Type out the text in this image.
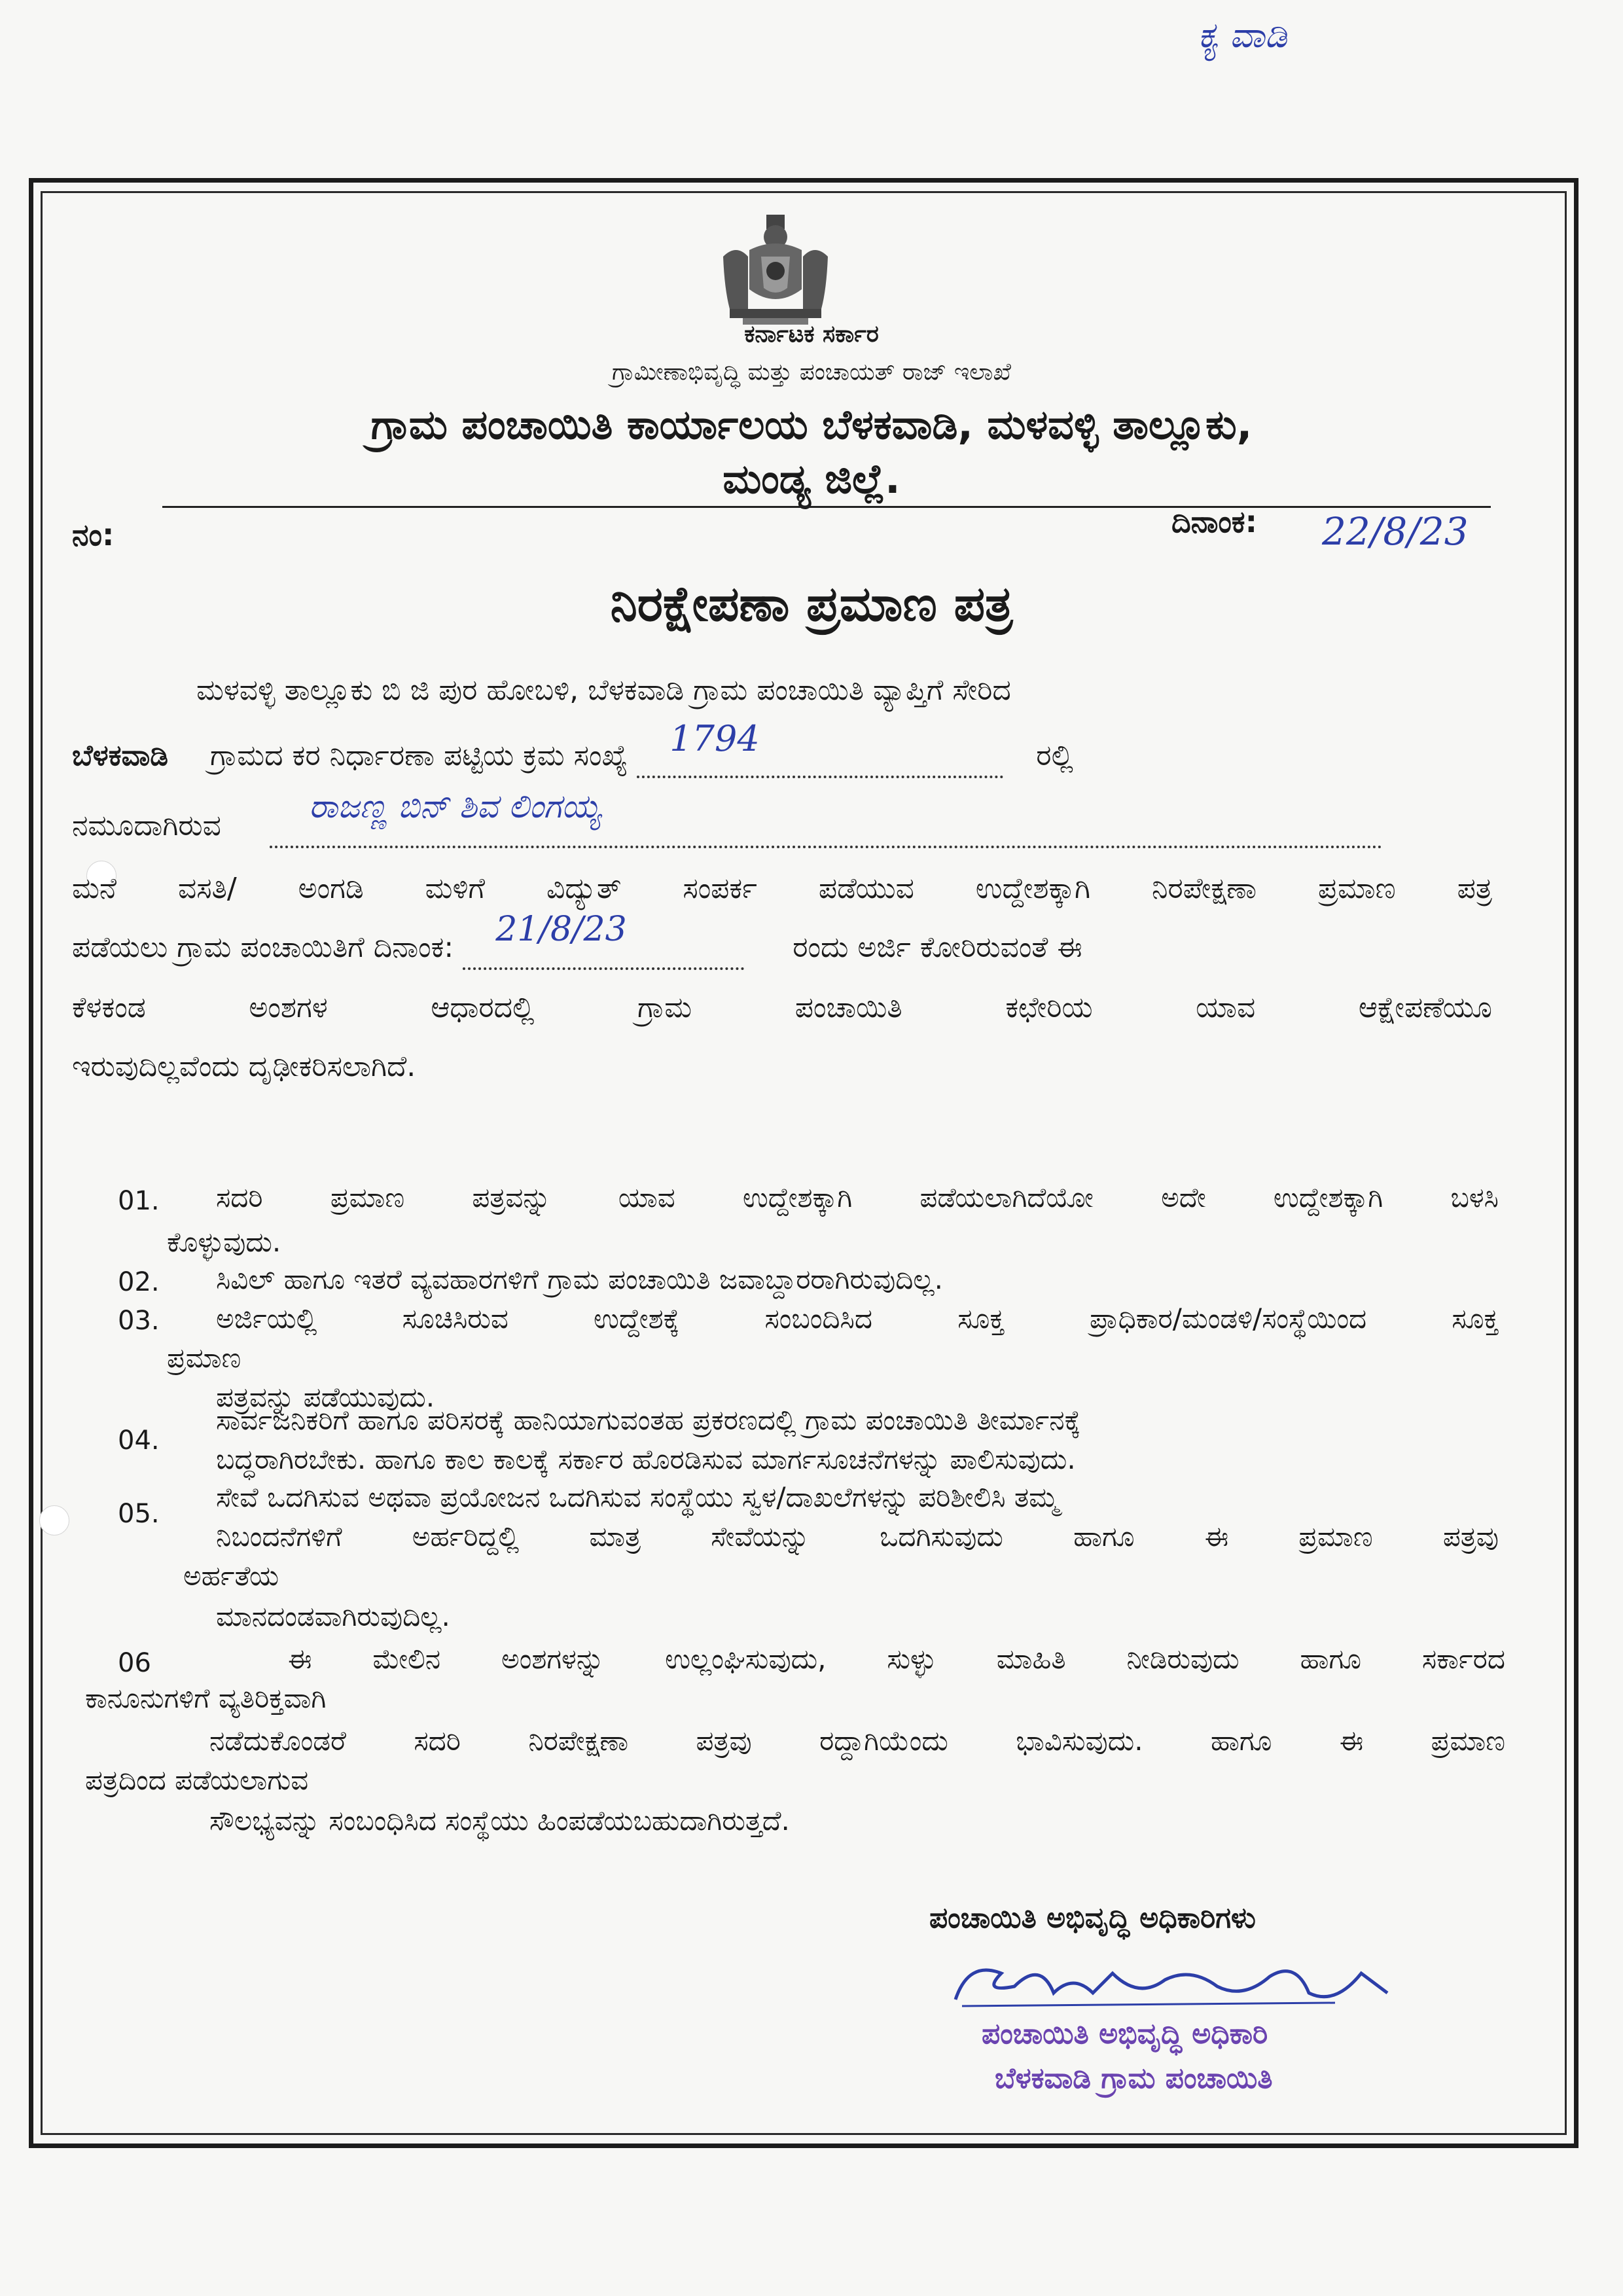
ಕ್ಯ ವಾಡಿ
ಕರ್ನಾಟಕ ಸರ್ಕಾರ
ಗ್ರಾಮೀಣಾಭಿವೃದ್ಧಿ ಮತ್ತು ಪಂಚಾಯತ್ ರಾಜ್ ಇಲಾಖೆ
ಗ್ರಾಮ ಪಂಚಾಯಿತಿ ಕಾರ್ಯಾಲಯ ಬೆಳಕವಾಡಿ, ಮಳವಳ್ಳಿ ತಾಲ್ಲೂಕು,
ಮಂಡ್ಯ ಜಿಲ್ಲೆ.
ನಂ:	ದಿನಾಂಕ: 22/8/23
ನಿರಕ್ಷೇಪಣಾ ಪ್ರಮಾಣ ಪತ್ರ
ಮಳವಳ್ಳಿ ತಾಲ್ಲೂಕು ಬಿ ಜಿ ಪುರ ಹೋಬಳಿ, ಬೆಳಕವಾಡಿ ಗ್ರಾಮ ಪಂಚಾಯಿತಿ ವ್ಯಾಪ್ತಿಗೆ ಸೇರಿದ
ಬೆಳಕವಾಡಿ ಗ್ರಾಮದ ಕರ ನಿರ್ಧಾರಣಾ ಪಟ್ಟಿಯ ಕ್ರಮ ಸಂಖ್ಯೆ 1794	ರಲ್ಲಿ
ನಮೂದಾಗಿರುವ
ರಾಜಣ್ಣ ಬಿನ್ ಶಿವ ಲಿಂಗಯ್ಯ

ಮನೆ ವಸತಿ/ ಅಂಗಡಿ ಮಳಿಗೆ ವಿದ್ಯುತ್ ಸಂಪರ್ಕ ಪಡೆಯುವ ಉದ್ದೇಶಕ್ಕಾಗಿ ನಿರಪೇಕ್ಷಣಾ ಪ್ರಮಾಣ ಪತ್ರ
ಪಡೆಯಲು ಗ್ರಾಮ ಪಂಚಾಯಿತಿಗೆ ದಿನಾಂಕ: 21/8/23	ರಂದು ಅರ್ಜಿ ಕೋರಿರುವಂತೆ ಈ
ಕೆಳಕಂಡ ಅಂಶಗಳ ಆಧಾರದಲ್ಲಿ ಗ್ರಾಮ ಪಂಚಾಯಿತಿ ಕಛೇರಿಯ ಯಾವ ಆಕ್ಷೇಪಣೆಯೂ
ಇರುವುದಿಲ್ಲವೆಂದು ದೃಢೀಕರಿಸಲಾಗಿದೆ.
01. ಸದರಿ ಪ್ರಮಾಣ ಪತ್ರವನ್ನು ಯಾವ ಉದ್ದೇಶಕ್ಕಾಗಿ ಪಡೆಯಲಾಗಿದೆಯೋ ಅದೇ ಉದ್ದೇಶಕ್ಕಾಗಿ ಬಳಸಿ
ಕೊಳ್ಳುವುದು.
02. ಸಿವಿಲ್ ಹಾಗೂ ಇತರೆ ವ್ಯವಹಾರಗಳಿಗೆ ಗ್ರಾಮ ಪಂಚಾಯಿತಿ ಜವಾಬ್ದಾರರಾಗಿರುವುದಿಲ್ಲ.
03. ಅರ್ಜಿಯಲ್ಲಿ ಸೂಚಿಸಿರುವ ಉದ್ದೇಶಕ್ಕೆ ಸಂಬಂದಿಸಿದ ಸೂಕ್ತ ಪ್ರಾಧಿಕಾರ/ಮಂಡಳಿ/ಸಂಸ್ಥೆಯಿಂದ ಸೂಕ್ತ
ಪ್ರಮಾಣ
ಪತ್ರವನ್ನು ಪಡೆಯುವುದು.
04.
ಸಾರ್ವಜನಿಕರಿಗೆ ಹಾಗೂ ಪರಿಸರಕ್ಕೆ ಹಾನಿಯಾಗುವಂತಹ ಪ್ರಕರಣದಲ್ಲಿ ಗ್ರಾಮ ಪಂಚಾಯಿತಿ ತೀರ್ಮಾನಕ್ಕೆ
ಬದ್ಧರಾಗಿರಬೇಕು. ಹಾಗೂ ಕಾಲ ಕಾಲಕ್ಕೆ ಸರ್ಕಾರ ಹೊರಡಿಸುವ ಮಾರ್ಗಸೂಚನೆಗಳನ್ನು ಪಾಲಿಸುವುದು.
05.
ಸೇವೆ ಒದಗಿಸುವ ಅಥವಾ ಪ್ರಯೋಜನ ಒದಗಿಸುವ ಸಂಸ್ಥೆಯು ಸ್ವಳ/ದಾಖಲೆಗಳನ್ನು ಪರಿಶೀಲಿಸಿ ತಮ್ಮ
ನಿಬಂದನೆಗಳಿಗೆ ಅರ್ಹರಿದ್ದಲ್ಲಿ ಮಾತ್ರ ಸೇವೆಯನ್ನು ಒದಗಿಸುವುದು ಹಾಗೂ ಈ ಪ್ರಮಾಣ ಪತ್ರವು
ಅರ್ಹತೆಯ
ಮಾನದಂಡವಾಗಿರುವುದಿಲ್ಲ.
06	ಈ ಮೇಲಿನ ಅಂಶಗಳನ್ನು ಉಲ್ಲಂಘಿಸುವುದು, ಸುಳ್ಳು ಮಾಹಿತಿ ನೀಡಿರುವುದು ಹಾಗೂ ಸರ್ಕಾರದ
ಕಾನೂನುಗಳಿಗೆ ವ್ಯತಿರಿಕ್ತವಾಗಿ
ನಡೆದುಕೊಂಡರೆ ಸದರಿ ನಿರಪೇಕ್ಷಣಾ ಪತ್ರವು ರದ್ದಾಗಿಯೆಂದು ಭಾವಿಸುವುದು. ಹಾಗೂ ಈ ಪ್ರಮಾಣ
ಪತ್ರದಿಂದ ಪಡೆಯಲಾಗುವ
ಸೌಲಭ್ಯವನ್ನು ಸಂಬಂಧಿಸಿದ ಸಂಸ್ಥೆಯು ಹಿಂಪಡೆಯಬಹುದಾಗಿರುತ್ತದೆ.
ಪಂಚಾಯಿತಿ ಅಭಿವೃದ್ಧಿ ಅಧಿಕಾರಿಗಳು
ಪಂಚಾಯಿತಿ ಅಭಿವೃದ್ಧಿ ಅಧಿಕಾರಿ
ಬೆಳಕವಾಡಿ ಗ್ರಾಮ ಪಂಚಾಯಿತಿ
